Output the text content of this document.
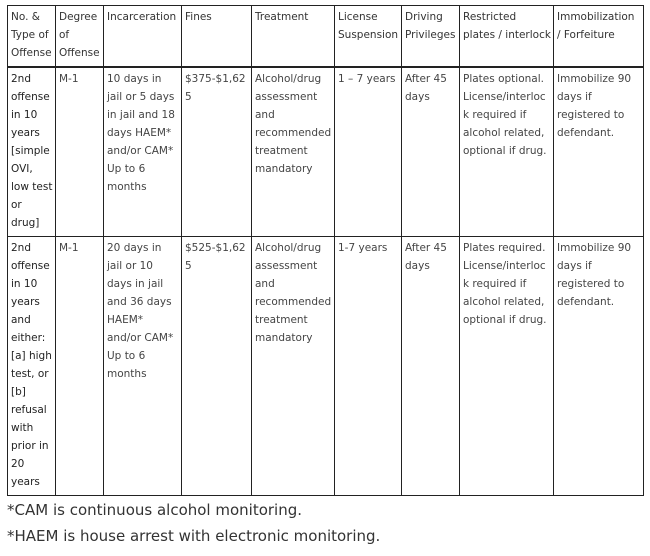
No. & Type of Offense	Degree of Offense	Incarceration	Fines	Treatment	License Suspension	Driving Privileges	Restricted plates / interlock	Immobilization / Forfeiture
2nd offense in 10 years [simple OVI, low test or drug]	M-1	10 days in jail or 5 days in jail and 18 days HAEM* and/or CAM* Up to 6 months	$375-$1,625	Alcohol/drug assessment and recommended treatment mandatory	1 – 7 years	After 45 days	Plates optional. License/interlock required if alcohol related, optional if drug.	Immobilize 90 days if registered to defendant.
2nd offense in 10 years and either: [a] high test, or [b] refusal with prior in 20 years	M-1	20 days in jail or 10 days in jail and 36 days HAEM* and/or CAM* Up to 6 months	$525-$1,625	Alcohol/drug assessment and recommended treatment mandatory	1-7 years	After 45 days	Plates required. License/interlock required if alcohol related, optional if drug.	Immobilize 90 days if registered to defendant.
*CAM is continuous alcohol monitoring.
*HAEM is house arrest with electronic monitoring.
